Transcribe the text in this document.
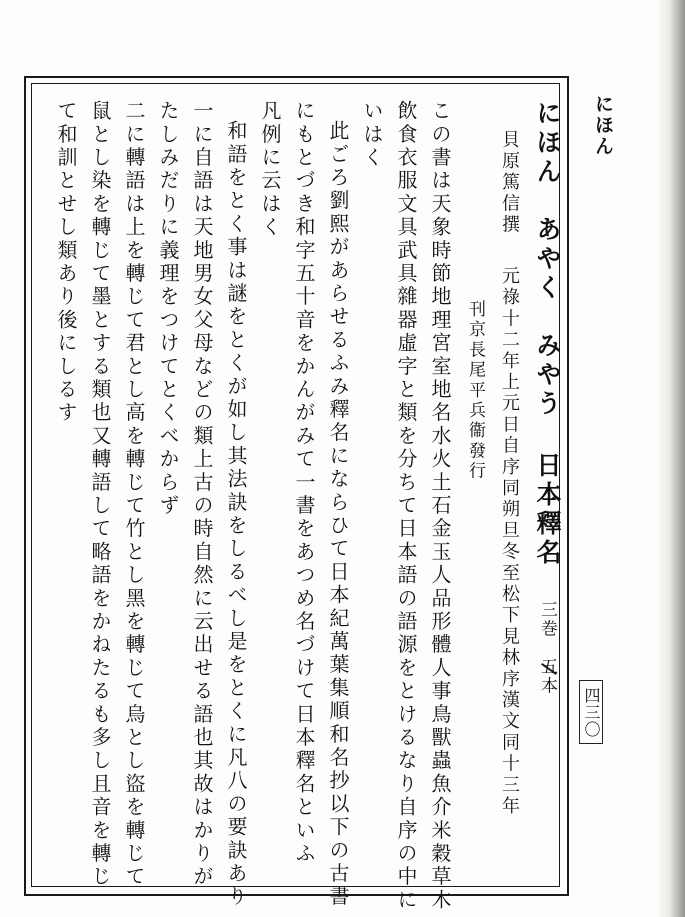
にほん
四三〇
にほん　あやく　みやう　 日本釋名　 三巻　五本
貝原篤信撰　 元祿十二年上元日自序同朔旦冬至松下見林序漢文同十三年
刊京長尾平兵衞發行
この書は天象時節地理宮室地名水火土石金玉人品形體人事鳥獸蟲魚介米穀草木
飲食衣服文具武具雜器虛字と類を分ちて日本語の語源をとけるなり自序の中に
いはく
此ごろ劉熙があらせるふみ釋名にならひて日本紀萬葉集順和名抄以下の古書
にもとづき和字五十音をかんがみて一書をあつめ名づけて日本釋名といふ
凡例に云はく
和語をとく事は謎をとくが如し其法訣をしるべし是をとくに凡八の要訣あり
一に自語は天地男女父母などの類上古の時自然に云出せる語也其故はかりが
たしみだりに義理をつけてとくべからず
二に轉語は上を轉じて君とし高を轉じて竹とし黑を轉じて烏とし盜を轉じて
鼠とし染を轉じて墨とする類也又轉語して略語をかねたるも多し且音を轉じ
て和訓とせし類あり後にしるす
